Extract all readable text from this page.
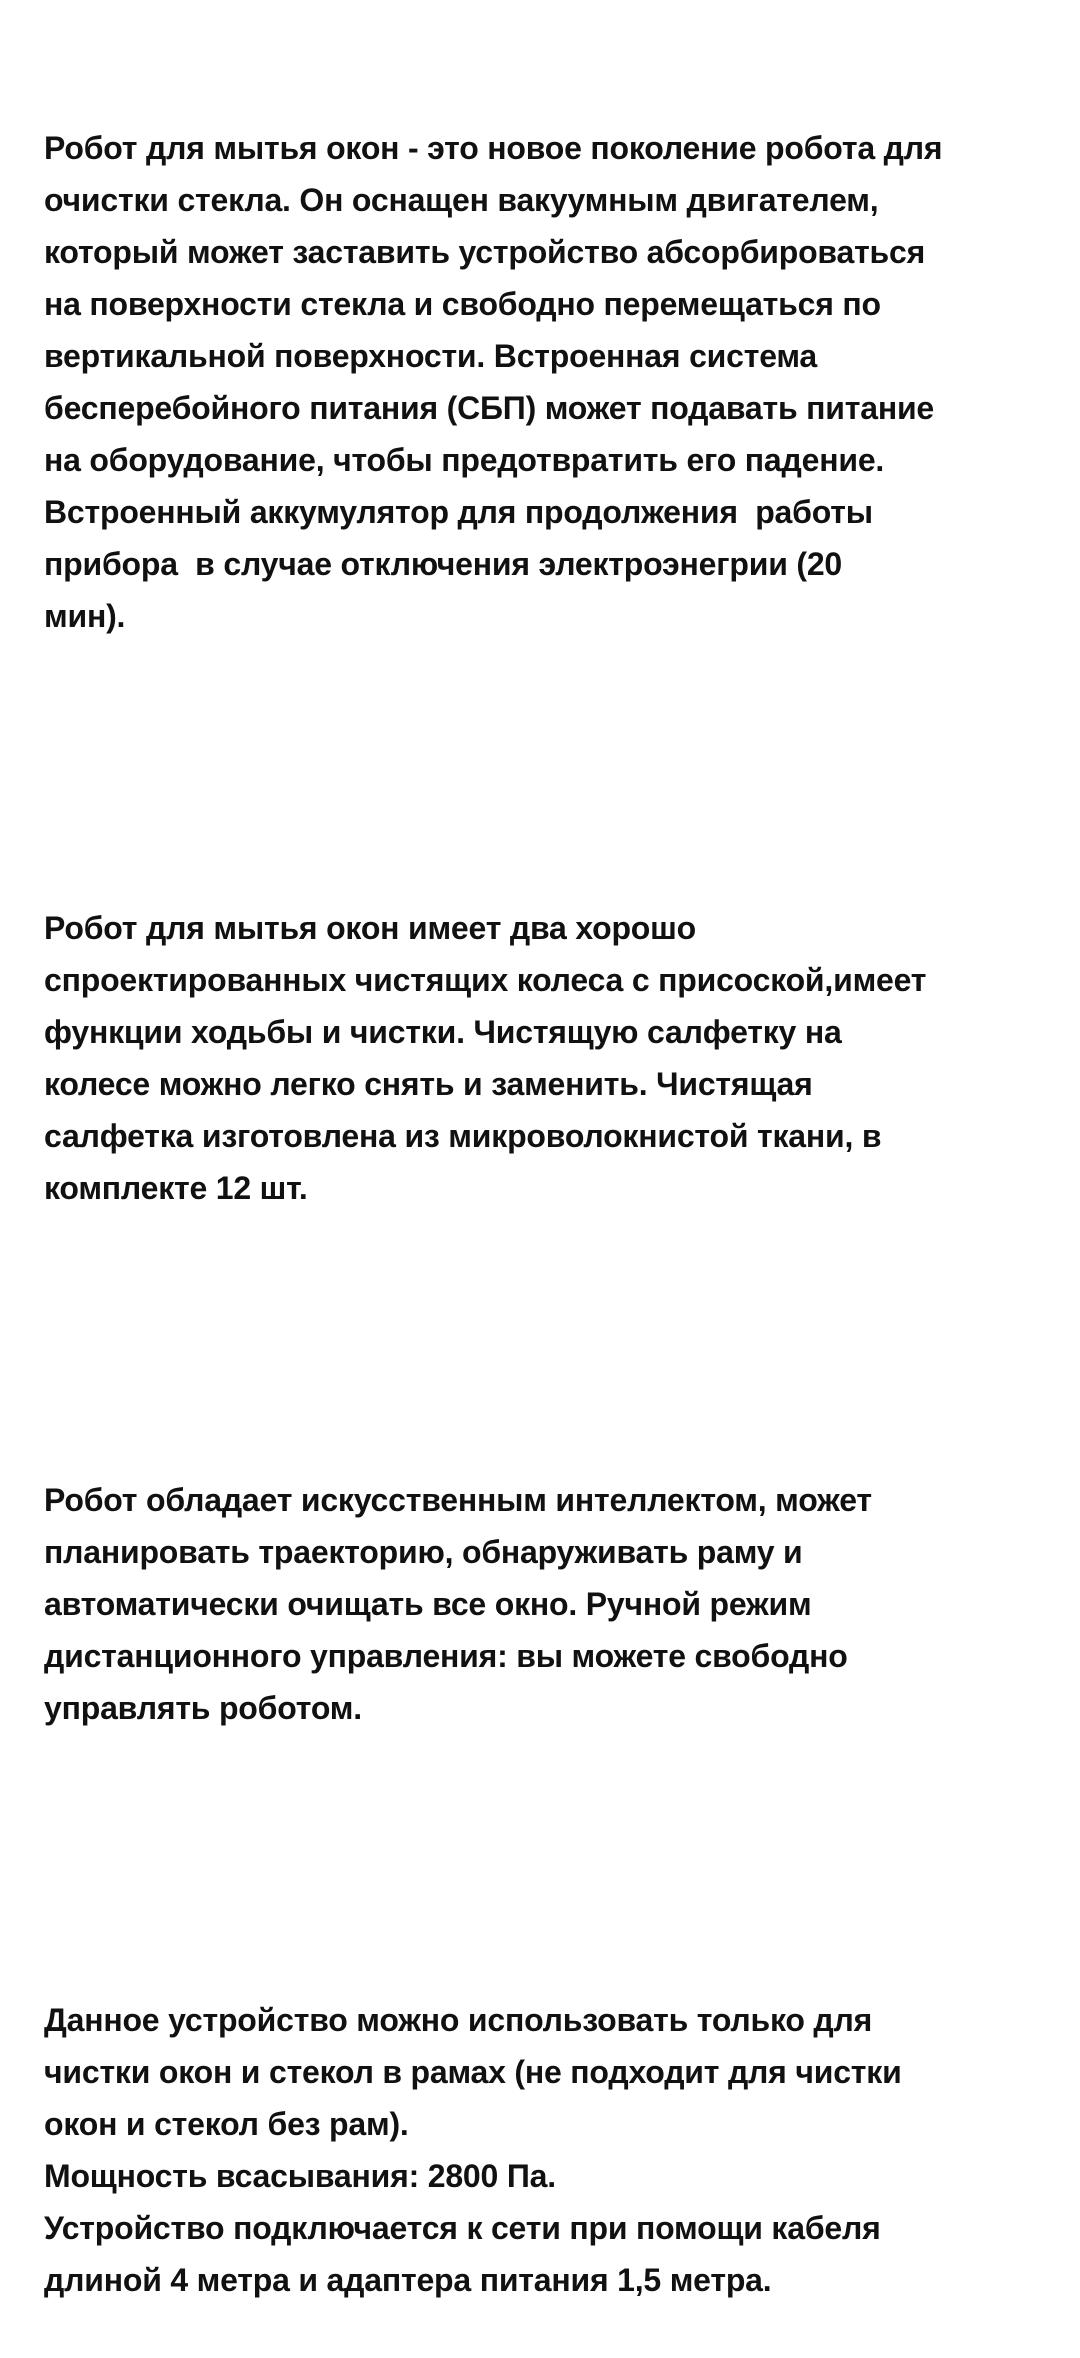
Робот для мытья окон - это новое поколение робота для
очистки стекла. Он оснащен вакуумным двигателем,
который может заставить устройство абсорбироваться
на поверхности стекла и свободно перемещаться по
вертикальной поверхности. Встроенная система
бесперебойного питания (СБП) может подавать питание
на оборудование, чтобы предотвратить его падение.
Встроенный аккумулятор для продолжения  работы
прибора  в случае отключения электроэнегрии (20
мин).

Робот для мытья окон имеет два хорошо
спроектированных чистящих колеса с присоской,имеет
функции ходьбы и чистки. Чистящую салфетку на
колесе можно легко снять и заменить. Чистящая
салфетка изготовлена из микроволокнистой ткани, в
комплекте 12 шт.

Робот обладает искусственным интеллектом, может
планировать траекторию, обнаруживать раму и
автоматически очищать все окно. Ручной режим
дистанционного управления: вы можете свободно
управлять роботом.

Данное устройство можно использовать только для
чистки окон и стекол в рамах (не подходит для чистки
окон и стекол без рам).
Мощность всасывания: 2800 Па.
Устройство подключается к сети при помощи кабеля
длиной 4 метра и адаптера питания 1,5 метра.
